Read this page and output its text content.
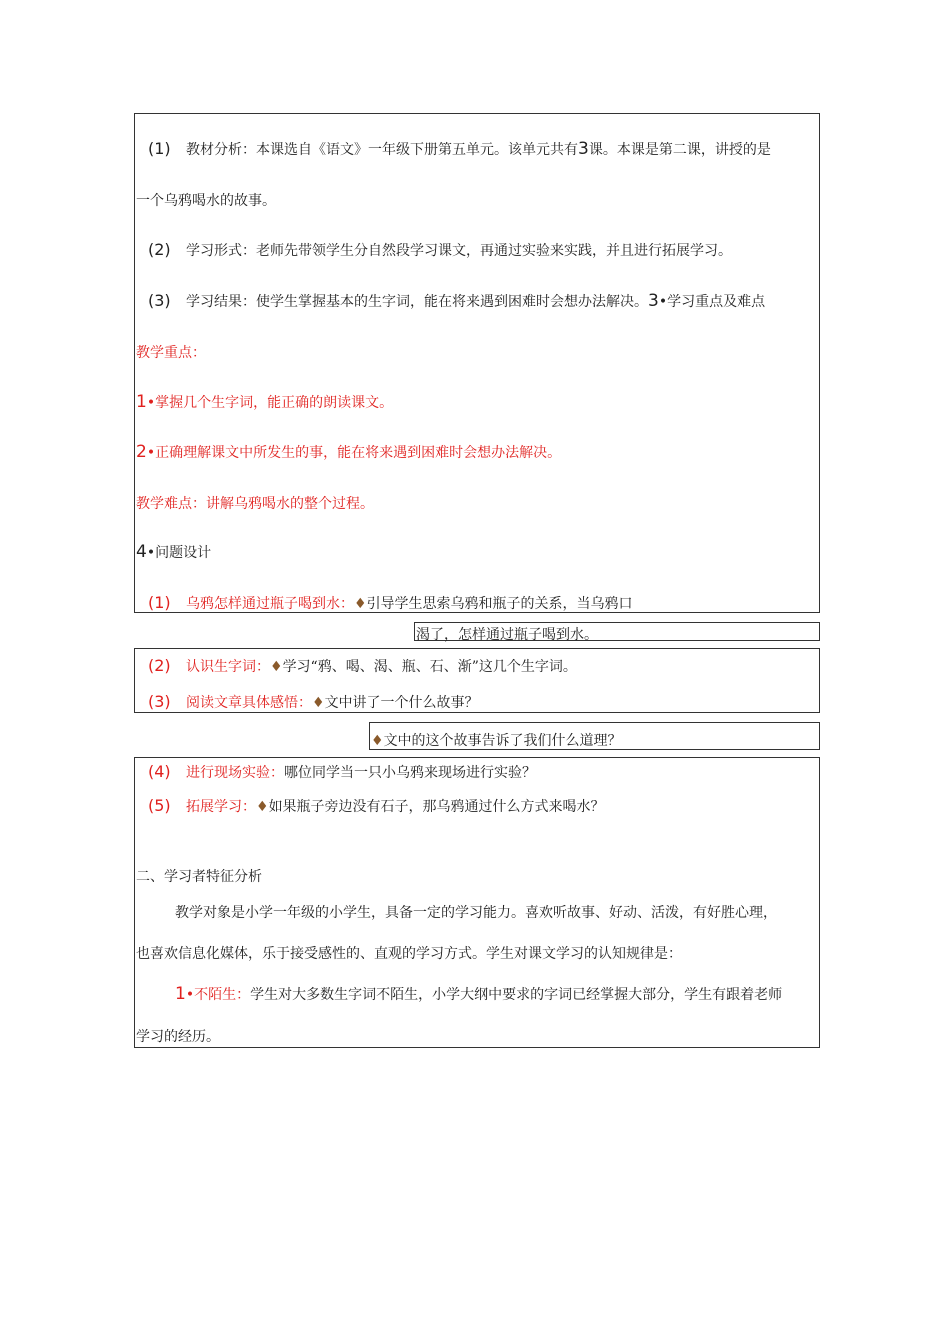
(1) 教材分析：本课选自《语文》一年级下册第五单元。该单元共有3课。本课是第二课，讲授的是
一个乌鸦喝水的故事。
(2) 学习形式：老师先带领学生分自然段学习课文，再通过实验来实践，并且进行拓展学习。
(3) 学习结果：使学生掌握基本的生字词，能在将来遇到困难时会想办法解决。3•学习重点及难点
教学重点：
1•掌握几个生字词，能正确的朗读课文。
2•正确理解课文中所发生的事，能在将来遇到困难时会想办法解决。
教学难点：讲解乌鸦喝水的整个过程。
4•问题设计
(1) 乌鸦怎样通过瓶子喝到水：♦引导学生思索乌鸦和瓶子的关系，当乌鸦口
渴了，怎样通过瓶子喝到水。
(2) 认识生字词：♦学习“鸦、喝、渴、瓶、石、渐”这几个生字词。
(3) 阅读文章具体感悟：♦文中讲了一个什么故事？
♦文中的这个故事告诉了我们什么道理？
(4) 进行现场实验：哪位同学当一只小乌鸦来现场进行实验？
(5) 拓展学习：♦如果瓶子旁边没有石子，那乌鸦通过什么方式来喝水？
二、学习者特征分析
教学对象是小学一年级的小学生，具备一定的学习能力。喜欢听故事、好动、活泼，有好胜心理，
也喜欢信息化媒体，乐于接受感性的、直观的学习方式。学生对课文学习的认知规律是：
1•不陌生：学生对大多数生字词不陌生，小学大纲中要求的字词已经掌握大部分，学生有跟着老师
学习的经历。
